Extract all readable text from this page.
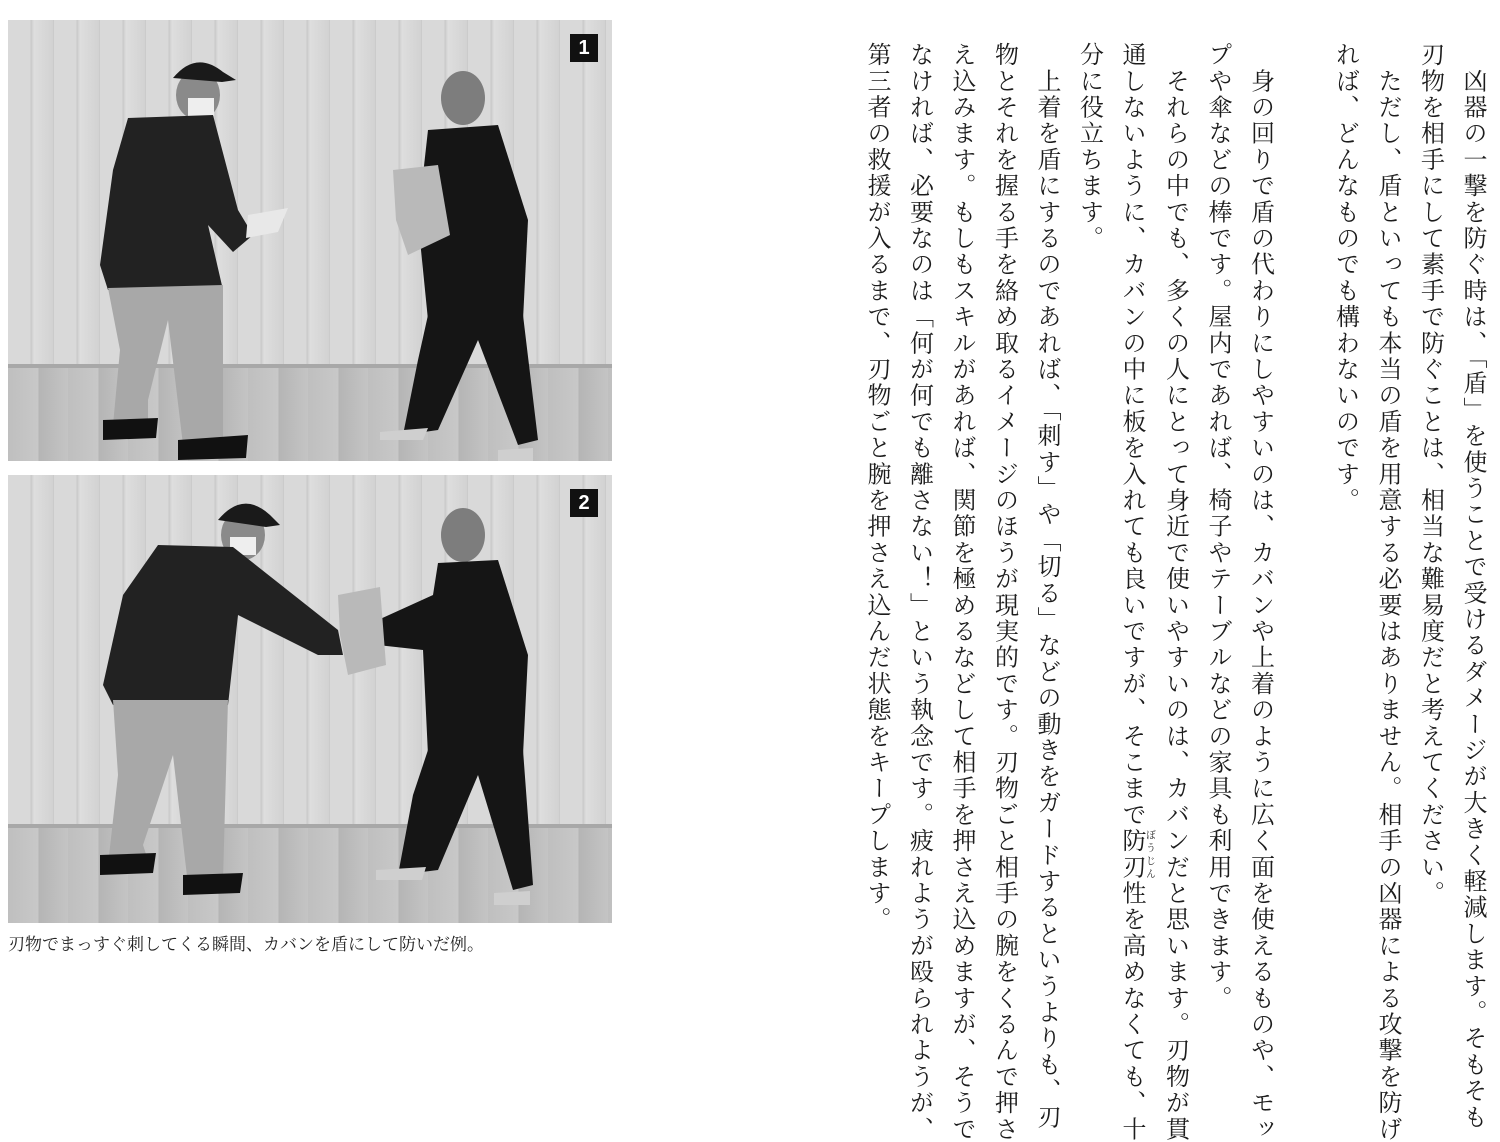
1
2
刃物でまっすぐ刺してくる瞬間、カバンを盾にして防いだ例。	　凶器の一撃を防ぐ時は、「盾」を使うことで受けるダメージが大きく軽減します。そもそも
刃物を相手にして素手で防ぐことは、相当な難易度だと考えてください。
　ただし、盾といっても本当の盾を用意する必要はありません。相手の凶器による攻撃を防げ
れば、どんなものでも構わないのです。

　身の回りで盾の代わりにしやすいのは、カバンや上着のように広く面を使えるものや、モッ
プや傘などの棒です。屋内であれば、椅子やテーブルなどの家具も利用できます。
　それらの中でも、多くの人にとって身近で使いやすいのは、カバンだと思います。刃物が貫
通しないように、カバンの中に板を入れても良いですが、そこまで防刃ぼうじん性を高めなくても、十
分に役立ちます。
　上着を盾にするのであれば、「刺す」や「切る」などの動きをガードするというよりも、刃
物とそれを握る手を絡め取るイメージのほうが現実的です。刃物ごと相手の腕をくるんで押さ
え込みます。もしもスキルがあれば、関節を極めるなどして相手を押さえ込めますが、そうで
なければ、必要なのは「何が何でも離さない！」という執念です。疲れようが殴られようが、
第三者の救援が入るまで、刃物ごと腕を押さえ込んだ状態をキープします。
